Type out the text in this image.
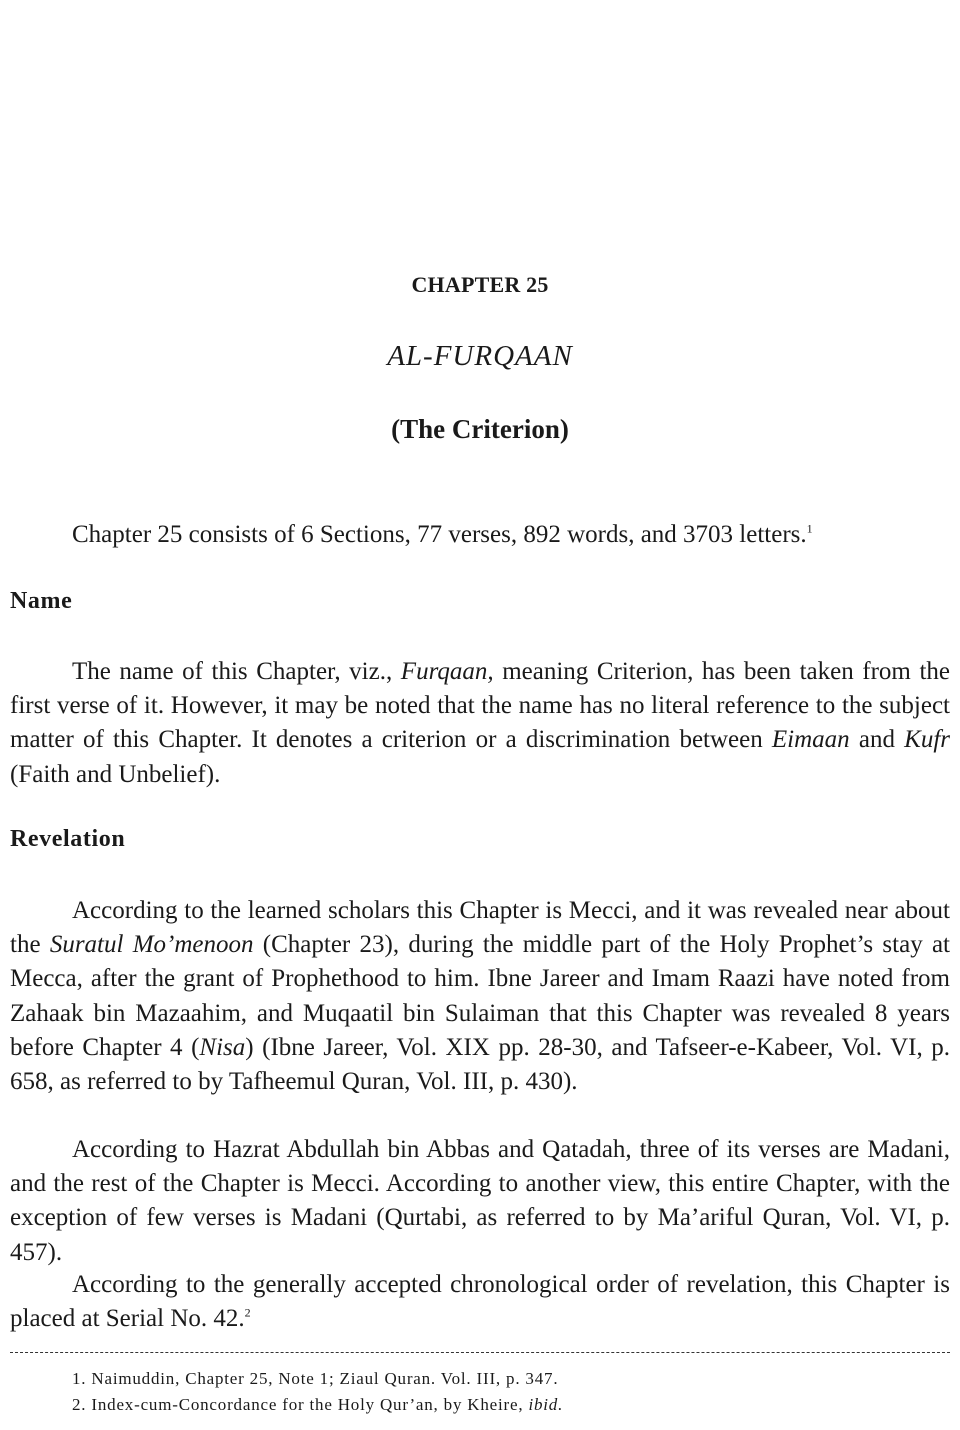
CHAPTER 25
AL-FURQAAN
(The Criterion)

Chapter 25 consists of 6 Sections, 77 verses, 892 words, and 3703 letters.$^1$

Name

The name of this Chapter, viz., Furqaan, meaning Criterion, has been taken from the first verse of it. However, it may be noted that the name has no literal reference to the subject matter of this Chapter. It denotes a criterion or a discrimination between Eimaan and Kufr (Faith and Unbelief).

Revelation

According to the learned scholars this Chapter is Mecci, and it was revealed near about the Suratul Mo’menoon (Chapter 23), during the middle part of the Holy Prophet’s stay at Mecca, after the grant of Prophethood to him. Ibne Jareer and Imam Raazi have noted from Zahaak bin Mazaahim, and Muqaatil bin Sulaiman that this Chapter was revealed 8 years before Chapter 4 (Nisa) (Ibne Jareer, Vol. XIX pp. 28-30, and Tafseer-e-Kabeer, Vol. VI, p. 658, as referred to by Tafheemul Quran, Vol. III, p. 430).

According to Hazrat Abdullah bin Abbas and Qatadah, three of its verses are Madani, and the rest of the Chapter is Mecci. According to another view, this entire Chapter, with the exception of few verses is Madani (Qurtabi, as referred to by Ma’ariful Quran, Vol. VI, p. 457).

According to the generally accepted chronological order of revelation, this Chapter is placed at Serial No. 42.$^2$

1. Naimuddin, Chapter 25, Note 1; Ziaul Quran. Vol. III, p. 347.

2. Index-cum-Concordance for the Holy Qur’an, by Kheire, ibid.
